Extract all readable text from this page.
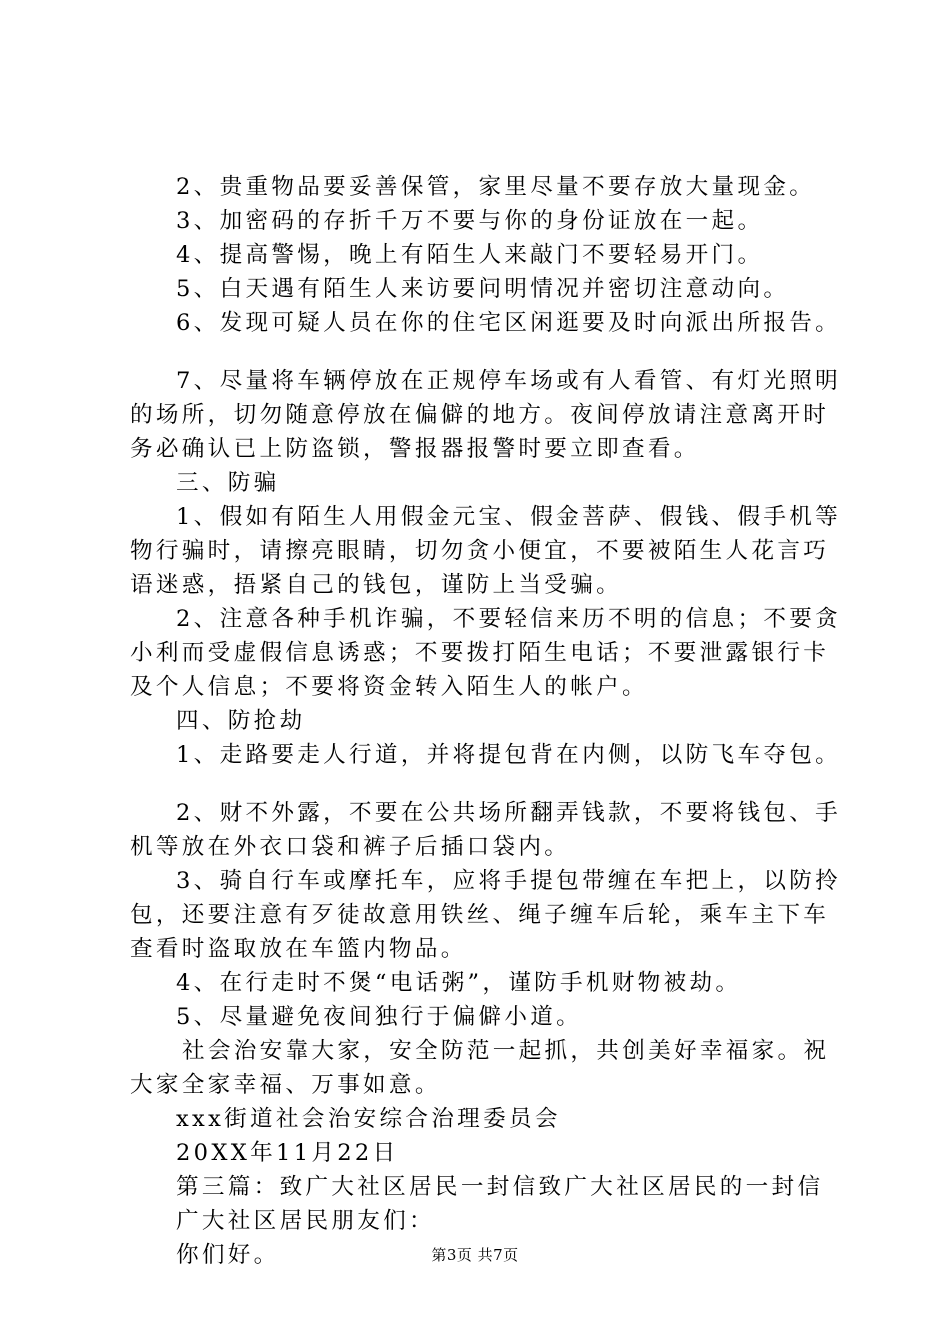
2、贵重物品要妥善保管，家里尽量不要存放大量现金。

3、加密码的存折千万不要与你的身份证放在一起。

4、提高警惕，晚上有陌生人来敲门不要轻易开门。

5、白天遇有陌生人来访要问明情况并密切注意动向。

6、发现可疑人员在你的住宅区闲逛要及时向派出所报告。

7、尽量将车辆停放在正规停车场或有人看管、有灯光照明

的场所，切勿随意停放在偏僻的地方。夜间停放请注意离开时

务必确认已上防盗锁，警报器报警时要立即查看。

三、防骗

1、假如有陌生人用假金元宝、假金菩萨、假钱、假手机等

物行骗时，请擦亮眼睛，切勿贪小便宜，不要被陌生人花言巧

语迷惑，捂紧自己的钱包，谨防上当受骗。

2、注意各种手机诈骗，不要轻信来历不明的信息；不要贪

小利而受虚假信息诱惑；不要拨打陌生电话；不要泄露银行卡

及个人信息；不要将资金转入陌生人的帐户。

四、防抢劫

1、走路要走人行道，并将提包背在内侧，以防飞车夺包。

2、财不外露，不要在公共场所翻弄钱款，不要将钱包、手

机等放在外衣口袋和裤子后插口袋内。

3、骑自行车或摩托车，应将手提包带缠在车把上，以防拎

包，还要注意有歹徒故意用铁丝、绳子缠车后轮，乘车主下车

查看时盗取放在车篮内物品。

4、在行走时不煲“电话粥”，谨防手机财物被劫。

5、尽量避免夜间独行于偏僻小道。

社会治安靠大家，安全防范一起抓，共创美好幸福家。祝

大家全家幸福、万事如意。

xxx街道社会治安综合治理委员会

20XX年11月22日

第三篇：致广大社区居民一封信致广大社区居民的一封信

广大社区居民朋友们：

你们好。	第3页 共7页
